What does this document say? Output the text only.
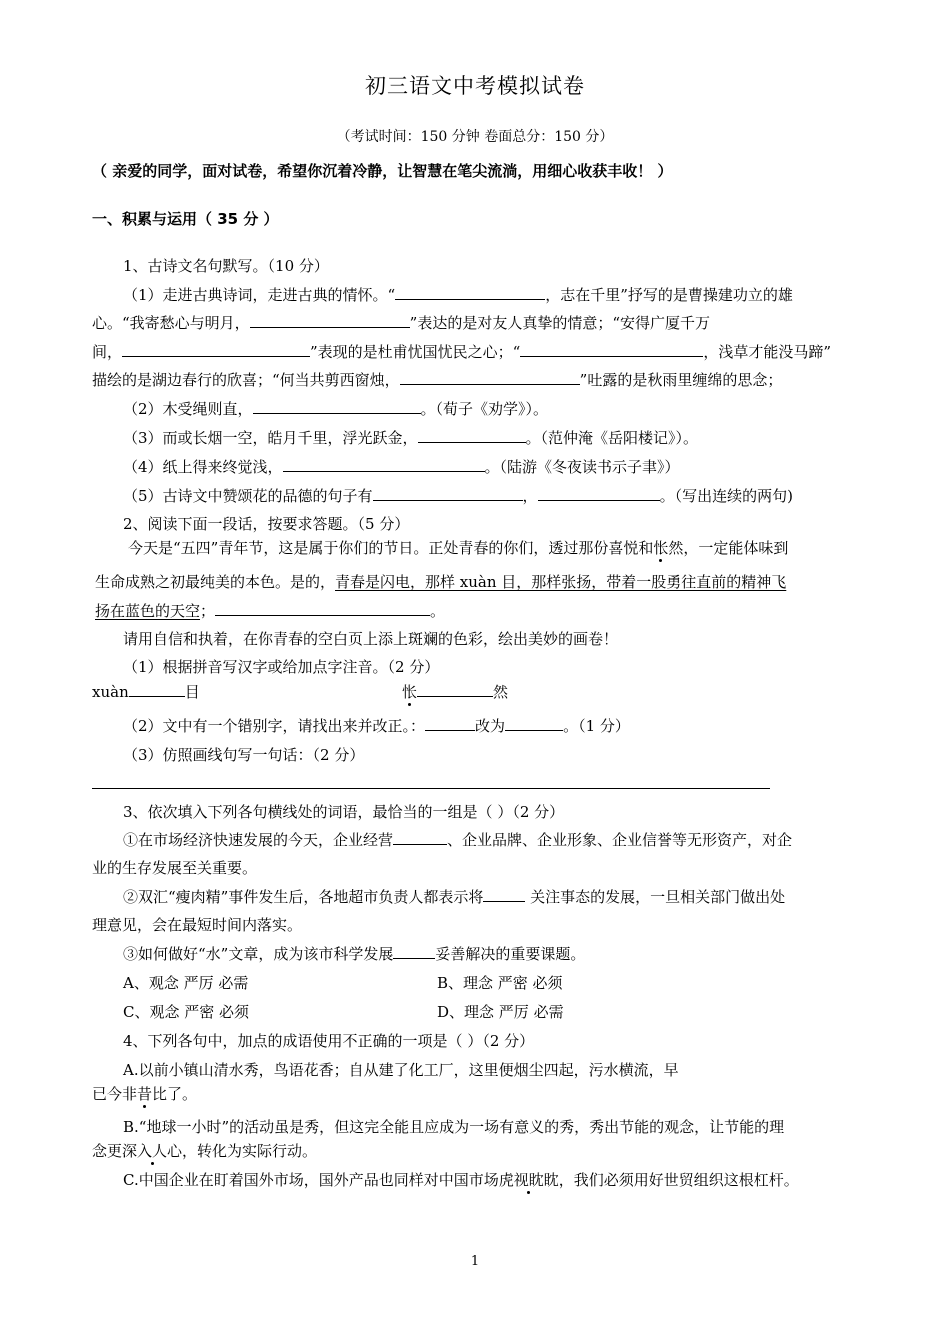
初三语文中考模拟试卷
（考试时间：150 分钟 卷面总分：150 分）
（ 亲爱的同学，面对试卷，希望你沉着冷静，让智慧在笔尖流淌，用细心收获丰收！ ）
一、积累与运用（ 35 分 ）
1、古诗文名句默写。（10 分）
（1）走进古典诗词，走进古典的情怀。“	，志在千里”抒写的是曹操建功立的雄
心。“我寄愁心与明月，	”表达的是对友人真挚的情意；“安得广厦千万
间，	”表现的是杜甫忧国忧民之心；“	，浅草才能没马蹄”
描绘的是湖边春行的欣喜；“何当共剪西窗烛，	”吐露的是秋雨里缠绵的思念；
（2）木受绳则直，	。（荀子《劝学》）。
（3）而或长烟一空，皓月千里，浮光跃金，	。（范仲淹《岳阳楼记》）。
（4）纸上得来终觉浅，	。（陆游《冬夜读书示子聿》）
（5）古诗文中赞颂花的品德的句子有	，	。（写出连续的两句)
2、阅读下面一段话，按要求答题。（5 分）
今天是“五四”青年节，这是属于你们的节日。正处青春的你们，透过那份喜悦和怅然，一定能体味到
生命成熟之初最纯美的本色。是的，青春是闪电，那样 xuàn 目，那样张扬，带着一股勇往直前的精神飞
扬在蓝色的天空；	。
请用自信和执着，在你青春的空白页上添上斑斓的色彩，绘出美妙的画卷！
（1）根据拼音写汉字或给加点字注音。（2 分）
xuàn	目	怅	然
（2）文中有一个错别字，请找出来并改正。：	改为	。（1 分）
（3）仿照画线句写一句话：（2 分）
3、依次填入下列各句横线处的词语，最恰当的一组是（ ）（2 分）
①在市场经济快速发展的今天，企业经营	、企业品牌、企业形象、企业信誉等无形资产，对企
业的生存发展至关重要。
②双汇“瘦肉精”事件发生后，各地超市负责人都表示将	关注事态的发展，一旦相关部门做出处
理意见，会在最短时间内落实。
③如何做好“水”文章，成为该市科学发展	妥善解决的重要课题。
A、观念 严厉 必需	B、理念 严密 必须
C、观念 严密 必须	D、理念 严厉 必需
4、下列各句中，加点的成语使用不正确的一项是（ ）（2 分）
A.以前小镇山清水秀，鸟语花香；自从建了化工厂，这里便烟尘四起，污水横流，早
已今非昔比了。
B.“地球一小时”的活动虽是秀，但这完全能且应成为一场有意义的秀，秀出节能的观念，让节能的理
念更深入人心，转化为实际行动。
C.中国企业在盯着国外市场，国外产品也同样对中国市场虎视眈眈，我们必须用好世贸组织这根杠杆。
1
